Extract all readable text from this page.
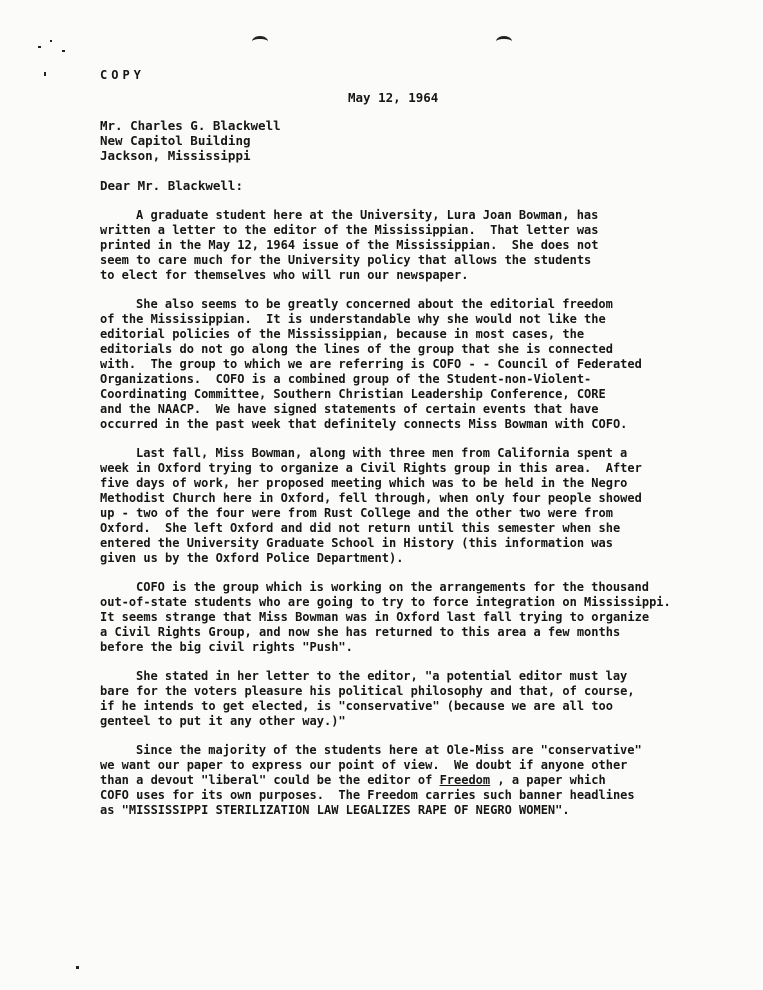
COPY
May 12, 1964
Mr. Charles G. Blackwell
New Capitol Building
Jackson, Mississippi
Dear Mr. Blackwell:
A graduate student here at the University, Lura Joan Bowman, has
written a letter to the editor of the Mississippian.  That letter was
printed in the May 12, 1964 issue of the Mississippian.  She does not
seem to care much for the University policy that allows the students
to elect for themselves who will run our newspaper.
She also seems to be greatly concerned about the editorial freedom
of the Mississippian.  It is understandable why she would not like the
editorial policies of the Mississippian, because in most cases, the
editorials do not go along the lines of the group that she is connected
with.  The group to which we are referring is COFO - - Council of Federated
Organizations.  COFO is a combined group of the Student-non-Violent-
Coordinating Committee, Southern Christian Leadership Conference, CORE
and the NAACP.  We have signed statements of certain events that have
occurred in the past week that definitely connects Miss Bowman with COFO.
Last fall, Miss Bowman, along with three men from California spent a
week in Oxford trying to organize a Civil Rights group in this area.  After
five days of work, her proposed meeting which was to be held in the Negro
Methodist Church here in Oxford, fell through, when only four people showed
up - two of the four were from Rust College and the other two were from
Oxford.  She left Oxford and did not return until this semester when she
entered the University Graduate School in History (this information was
given us by the Oxford Police Department).
COFO is the group which is working on the arrangements for the thousand
out-of-state students who are going to try to force integration on Mississippi.
It seems strange that Miss Bowman was in Oxford last fall trying to organize
a Civil Rights Group, and now she has returned to this area a few months
before the big civil rights "Push".
She stated in her letter to the editor, "a potential editor must lay
bare for the voters pleasure his political philosophy and that, of course,
if he intends to get elected, is "conservative" (because we are all too
genteel to put it any other way.)"
Since the majority of the students here at Ole-Miss are "conservative"
we want our paper to express our point of view.  We doubt if anyone other
than a devout "liberal" could be the editor of Freedom , a paper which
COFO uses for its own purposes.  The Freedom carries such banner headlines
as "MISSISSIPPI STERILIZATION LAW LEGALIZES RAPE OF NEGRO WOMEN".
